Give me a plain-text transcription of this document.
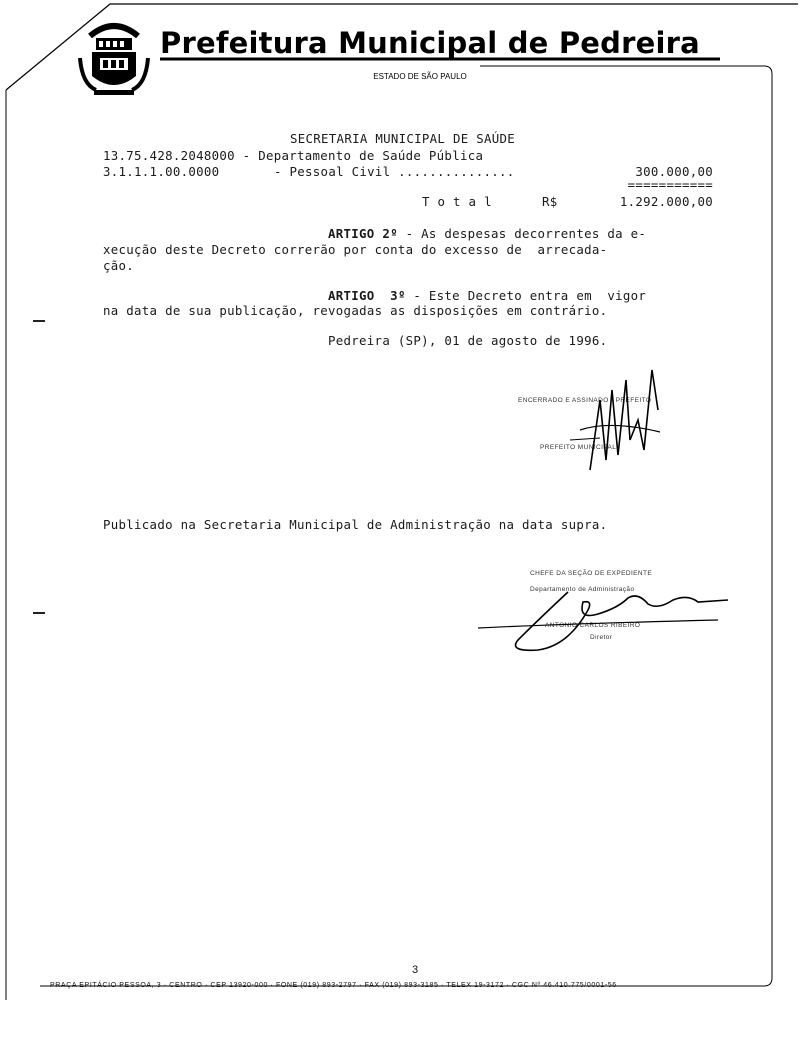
Prefeitura Municipal de Pedreira
ESTADO DE SÃO PAULO
SECRETARIA MUNICIPAL DE SAÚDE
13.75.428.2048000 - Departamento de Saúde Pública
3.1.1.1.00.0000	- Pessoal Civil ...............	300.000,00
===========
T o t a l	R$	1.292.000,00
ARTIGO 2º - As despesas decorrentes da e-
xecução deste Decreto correrão por conta do excesso de  arrecada-
ção.
ARTIGO  3º - Este Decreto entra em  vigor
na data de sua publicação, revogadas as disposições em contrário.
Pedreira (SP), 01 de agosto de 1996.
ENCERRADO E ASSINADO - PREFEITO
PREFEITO MUNICIPAL
Publicado na Secretaria Municipal de Administração na data supra.
CHEFE DA SEÇÃO DE EXPEDIENTE
Departamento de Administração
ANTONIO CARLOS RIBEIRO
Diretor
3
PRAÇA EPITÁCIO PESSOA, 3 · CENTRO · CEP 13920-000 · FONE (019) 893-2797 · FAX (019) 893-3185 · TELEX 19-3172 · CGC Nº 46.410.775/0001-56
